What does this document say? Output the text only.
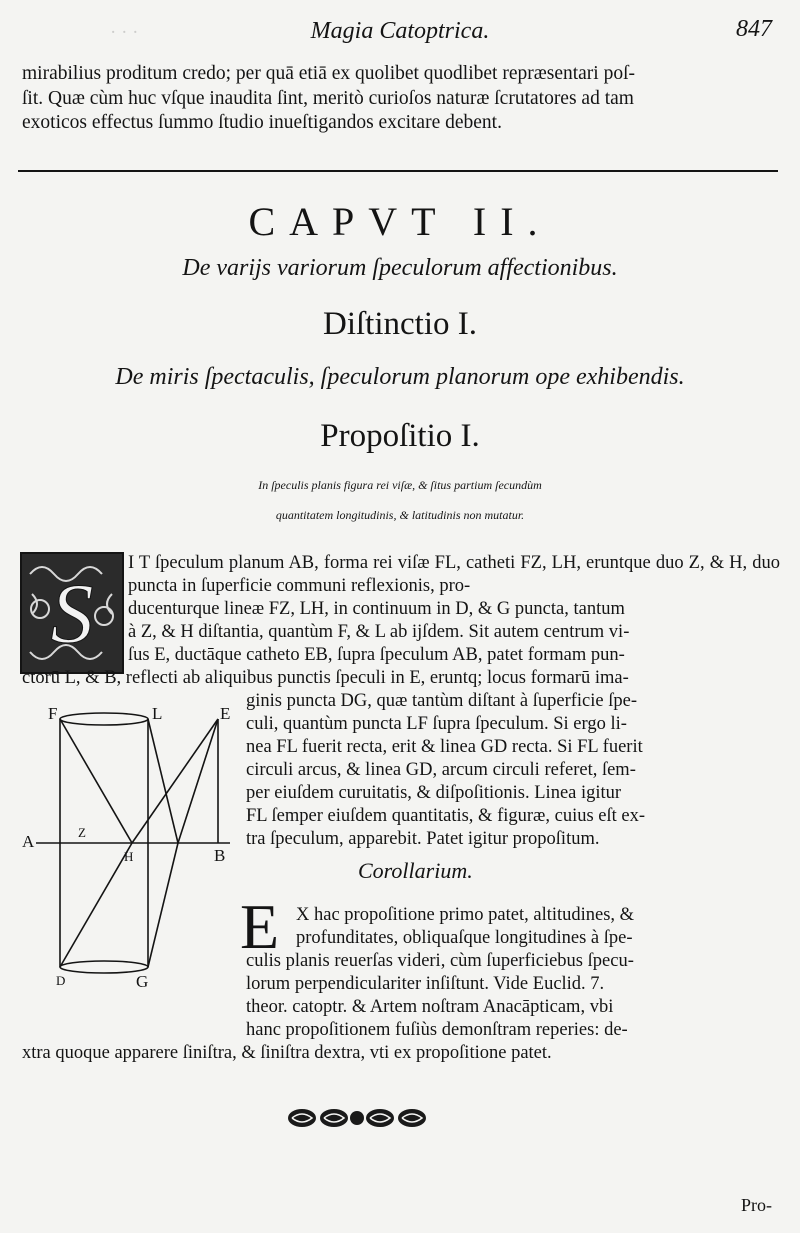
· · ·	Magia Catoptrica.	847
mirabilius proditum credo; per quā etiā ex quolibet quodlibet repræsentari poſ-
ſit. Quæ cùm huc vſque inaudita ſint, meritò curioſos naturæ ſcrutatores ad tam
exoticos effectus ſummo ſtudio inueſtigandos excitare debent.
CAPVT II.
De varijs variorum ſpeculorum affectionibus.
Diſtinctio I.
De miris ſpectaculis, ſpeculorum planorum ope exhibendis.
Propoſitio I.
In ſpeculis planis figura rei viſæ, & ſitus partium ſecundùm
quantitatem longitudinis, & latitudinis non mutatur.
S
I T ſpeculum planum AB, forma rei viſæ FL, catheti FZ, LH, eruntque duo Z, & H, duo puncta in ſuperficie communi reflexionis, pro-
ducenturque lineæ FZ, LH, in continuum in D, & G puncta, tantum
à Z, & H diſtantia, quantùm F, & L ab ijſdem. Sit autem centrum vi-
ſus E, ductāque catheto EB, ſupra ſpeculum AB, patet formam pun-
ctorū L, & B, reflecti ab aliquibus punctis ſpeculi in E, eruntq; locus formarū ima-
ginis puncta DG, quæ tantùm diſtant à ſuperficie ſpe-
culi, quantùm puncta LF ſupra ſpeculum. Si ergo li-
nea FL fuerit recta, erit & linea GD recta. Si FL fuerit
circuli arcus, & linea GD, arcum circuli referet, ſem-
per eiuſdem curuitatis, & diſpoſitionis. Linea igitur
FL ſemper eiuſdem quantitatis, & figuræ, cuius eſt ex-
tra ſpeculum, apparebit. Patet igitur propoſitum.
F	L	E
A	Z
H	B
D	G
Corollarium.
E X hac propoſitione primo patet, altitudines, &
profunditates, obliquaſque longitudines à ſpe-
culis planis reuerſas videri, cùm ſuperficiebus ſpecu-
lorum perpendiculariter inſiſtunt. Vide Euclid. 7.
theor. catoptr. & Artem noſtram Anacāpticam, vbi
hanc propoſitionem fuſiùs demonſtram reperies: de-
xtra quoque apparere ſiniſtra, & ſiniſtra dextra, vti ex propoſitione patet.
Pro-
